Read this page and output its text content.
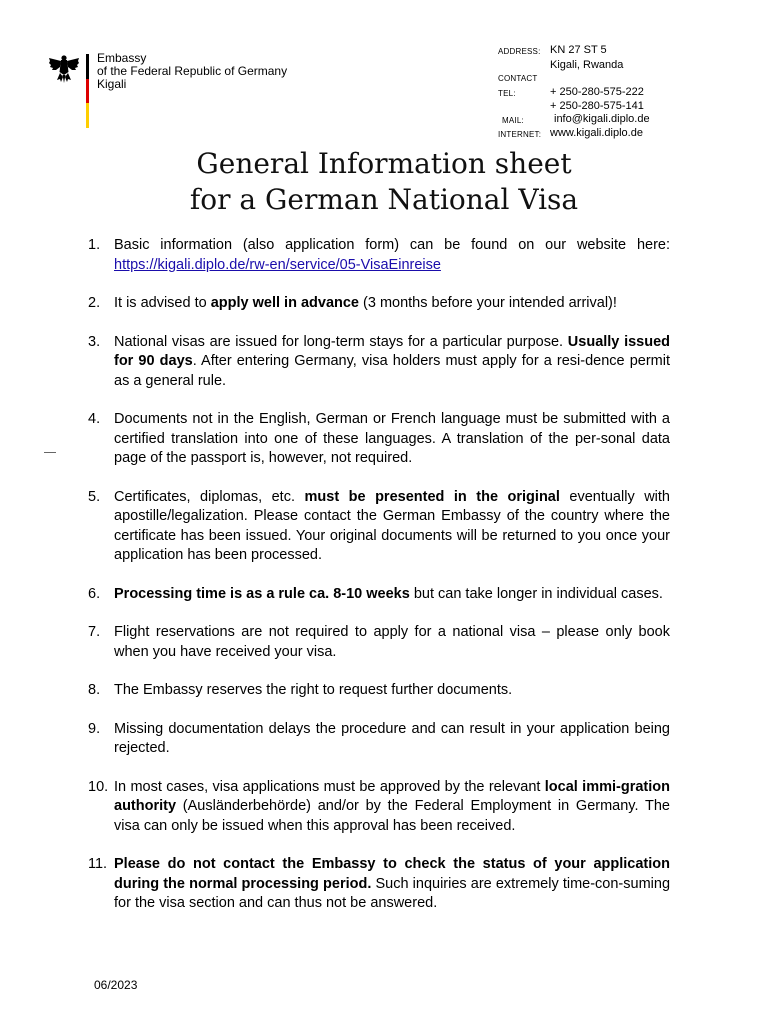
Embassy
of the Federal Republic of Germany
Kigali
ADDRESS: KN 27 ST 5
Kigali, Rwanda
CONTACT
TEL:	+ 250-280-575-222
+ 250-280-575-141
MAIL:	info@kigali.diplo.de
INTERNET: www.kigali.diplo.de
General Information sheet
for a German National Visa
1. Basic information (also application form) can be found on our website here: https://kigali.diplo.de/rw-en/service/05-VisaEinreise
2. It is advised to apply well in advance (3 months before your intended arrival)!
3. National visas are issued for long-term stays for a particular purpose. Usually issued for 90 days. After entering Germany, visa holders must apply for a resi-dence permit as a general rule.
4. Documents not in the English, German or French language must be submitted with a certified translation into one of these languages. A translation of the per-sonal data page of the passport is, however, not required.
5. Certificates, diplomas, etc. must be presented in the original eventually with apostille/legalization. Please contact the German Embassy of the country where the certificate has been issued. Your original documents will be returned to you once your application has been processed.
6. Processing time is as a rule ca. 8-10 weeks but can take longer in individual cases.
7. Flight reservations are not required to apply for a national visa – please only book when you have received your visa.
8. The Embassy reserves the right to request further documents.
9. Missing documentation delays the procedure and can result in your application being rejected.
10. In most cases, visa applications must be approved by the relevant local immi-gration authority (Ausländerbehörde) and/or by the Federal Employment in Germany. The visa can only be issued when this approval has been received.
11. Please do not contact the Embassy to check the status of your application during the normal processing period. Such inquiries are extremely time-con-suming for the visa section and can thus not be answered.
06/2023
